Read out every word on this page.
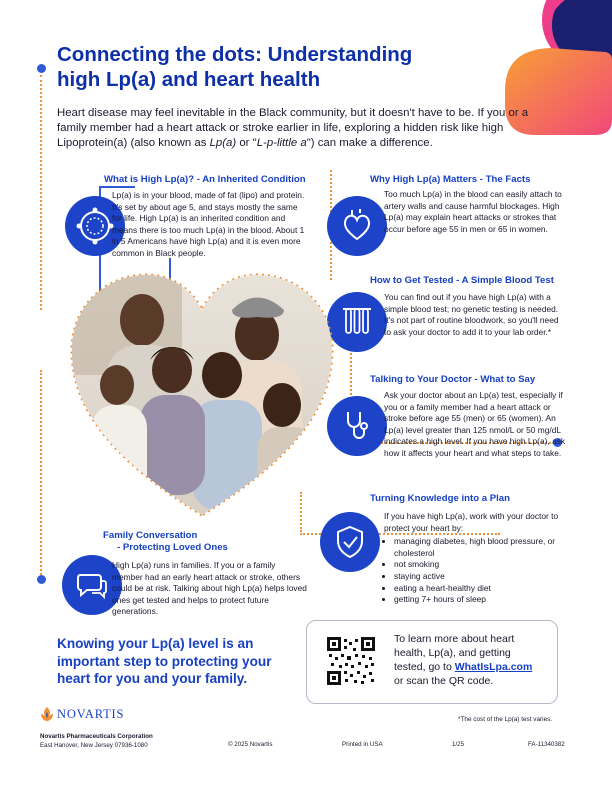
Connecting the dots: Understanding
high Lp(a) and heart health
Heart disease may feel inevitable in the Black community, but it doesn't have to be. If you or a family member had a heart attack or stroke earlier in life, exploring a hidden risk like high Lipoprotein(a) (also known as Lp(a) or "L-p-little a") can make a difference.
What is High Lp(a)? - An Inherited Condition
Lp(a) is in your blood, made of fat (lipo) and protein. It's set by about age 5, and stays mostly the same for life. High Lp(a) is an inherited condition and means there is too much Lp(a) in the blood. About 1 in 5 Americans have high Lp(a) and it is even more common in Black people.
Why High Lp(a) Matters - The Facts
Too much Lp(a) in the blood can easily attach to artery walls and cause harmful blockages. High Lp(a) may explain heart attacks or strokes that occur before age 55 in men or 65 in women.
How to Get Tested - A Simple Blood Test
You can find out if you have high Lp(a) with a simple blood test; no genetic testing is needed. It's not part of routine bloodwork, so you'll need to ask your doctor to add it to your lab order.*
Talking to Your Doctor - What to Say
Ask your doctor about an Lp(a) test, especially if you or a family member had a heart attack or stroke before age 55 (men) or 65 (women). An Lp(a) level greater than 125 nmol/L or 50 mg/dL indicates a high level. If you have high Lp(a), ask how it affects your heart and what steps to take.
Turning Knowledge into a Plan
If you have high Lp(a), work with your doctor to protect your heart by:
• managing diabetes, high blood pressure, or cholesterol
• not smoking
• staying active
• eating a heart-healthy diet
• getting 7+ hours of sleep
Family Conversation
- Protecting Loved Ones
High Lp(a) runs in families. If you or a family member had an early heart attack or stroke, others could be at risk. Talking about high Lp(a) helps loved ones get tested and helps to protect future generations.
Knowing your Lp(a) level is an important step to protecting your heart for you and your family.
To learn more about heart health, Lp(a), and getting tested, go to WhatIsLpa.com or scan the QR code.
*The cost of the Lp(a) test varies.
NOVARTIS
Novartis Pharmaceuticals Corporation
East Hanover, New Jersey 07936-1080	© 2025 Novartis	Printed in USA	1/25	FA-11340382
